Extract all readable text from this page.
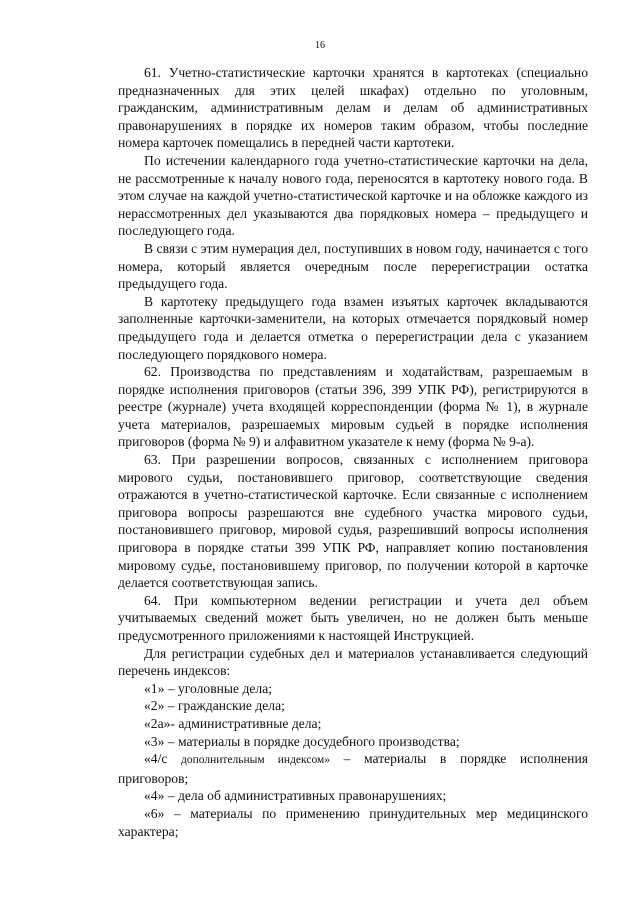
16

61. Учетно-статистические карточки хранятся в картотеках (специально предназначенных для этих целей шкафах) отдельно по уголовным, гражданским, административным делам и делам об административных правонарушениях в порядке их номеров таким образом, чтобы последние номера карточек помещались в передней части картотеки.

По истечении календарного года учетно-статистические карточки на дела, не рассмотренные к началу нового года, переносятся в картотеку нового года. В этом случае на каждой учетно-статистической карточке и на обложке каждого из нерассмотренных дел указываются два порядковых номера – предыдущего и последующего года.

В связи с этим нумерация дел, поступивших в новом году, начинается с того номера, который является очередным после перерегистрации остатка предыдущего года.

В картотеку предыдущего года взамен изъятых карточек вкладываются заполненные карточки-заменители, на которых отмечается порядковый номер предыдущего года и делается отметка о перерегистрации дела с указанием последующего порядкового номера.

62. Производства по представлениям и ходатайствам, разрешаемым в порядке исполнения приговоров (статьи 396, 399 УПК РФ), регистрируются в реестре (журнале) учета входящей корреспонденции (форма № 1), в журнале учета материалов, разрешаемых мировым судьей в порядке исполнения приговоров (форма № 9) и алфавитном указателе к нему (форма № 9-а).

63. При разрешении вопросов, связанных с исполнением приговора мирового судьи, постановившего приговор, соответствующие сведения отражаются в учетно-статистической карточке. Если связанные с исполнением приговора вопросы разрешаются вне судебного участка мирового судьи, постановившего приговор, мировой судья, разрешивший вопросы исполнения приговора в порядке статьи 399 УПК РФ, направляет копию постановления мировому судье, постановившему приговор, по получении которой в карточке делается соответствующая запись.

64. При компьютерном ведении регистрации и учета дел объем учитываемых сведений может быть увеличен, но не должен быть меньше предусмотренного приложениями к настоящей Инструкцией.

Для регистрации судебных дел и материалов устанавливается следующий перечень индексов:

«1» – уголовные дела;

«2» – гражданские дела;

«2а»- административные дела;

«3» – материалы в порядке досудебного производства;

«4/с дополнительным индексом» – материалы в порядке исполнения приговоров;

«4» – дела об административных правонарушениях;

«6» – материалы по применению принудительных мер медицинского характера;
